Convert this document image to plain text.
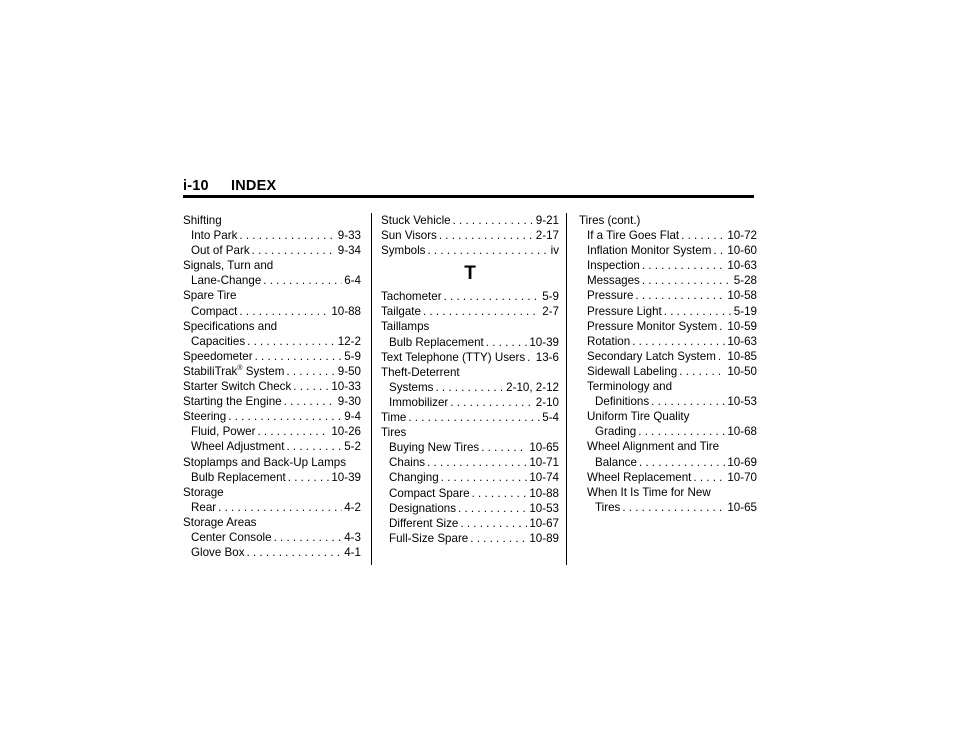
i-10 INDEX
Shifting
Into Park . . .	9-33
Out of Park . . .	9-34
Signals, Turn and
Lane-Change . . .	6-4
Spare Tire
Compact . . .	10-88
Specifications and
Capacities . . .	12-2
Speedometer . . .	5-9
StabiliTrak® System . . .	9-50
Starter Switch Check . . .	10-33
Starting the Engine . . .	9-30
Steering . . .	9-4
Fluid, Power . . .	10-26
Wheel Adjustment . . .	5-2
Stoplamps and Back-Up Lamps
Bulb Replacement . . .	10-39
Storage
Rear . . .	4-2
Storage Areas
Center Console . . .	4-3
Glove Box . . .	4-1
Stuck Vehicle . . .	9-21
Sun Visors . . .	2-17
Symbols . . .	iv
T
Tachometer . . .	5-9
Tailgate . . .	2-7
Taillamps
Bulb Replacement . . .	10-39
Text Telephone (TTY) Users . . . 13-6
Theft-Deterrent
Systems . . .	2-10, 2-12
Immobilizer . . .	2-10
Time . . .	5-4
Tires
Buying New Tires . . .	10-65
Chains . . .	10-71
Changing . . .	10-74
Compact Spare . . .	10-88
Designations . . .	10-53
Different Size . . .	10-67
Full-Size Spare . . .	10-89
Tires (cont.)
If a Tire Goes Flat . . .	10-72
Inflation Monitor System . . . 10-60
Inspection . . .	10-63
Messages . . .	5-28
Pressure . . .	10-58
Pressure Light . . .	5-19
Pressure Monitor System . . . 10-59
Rotation . . .	10-63
Secondary Latch System . . . 10-85
Sidewall Labeling . . .	10-50
Terminology and
Definitions . . .	10-53
Uniform Tire Quality
Grading . . .	10-68
Wheel Alignment and Tire
Balance . . .	10-69
Wheel Replacement . . .	10-70
When It Is Time for New
Tires . . .	10-65
